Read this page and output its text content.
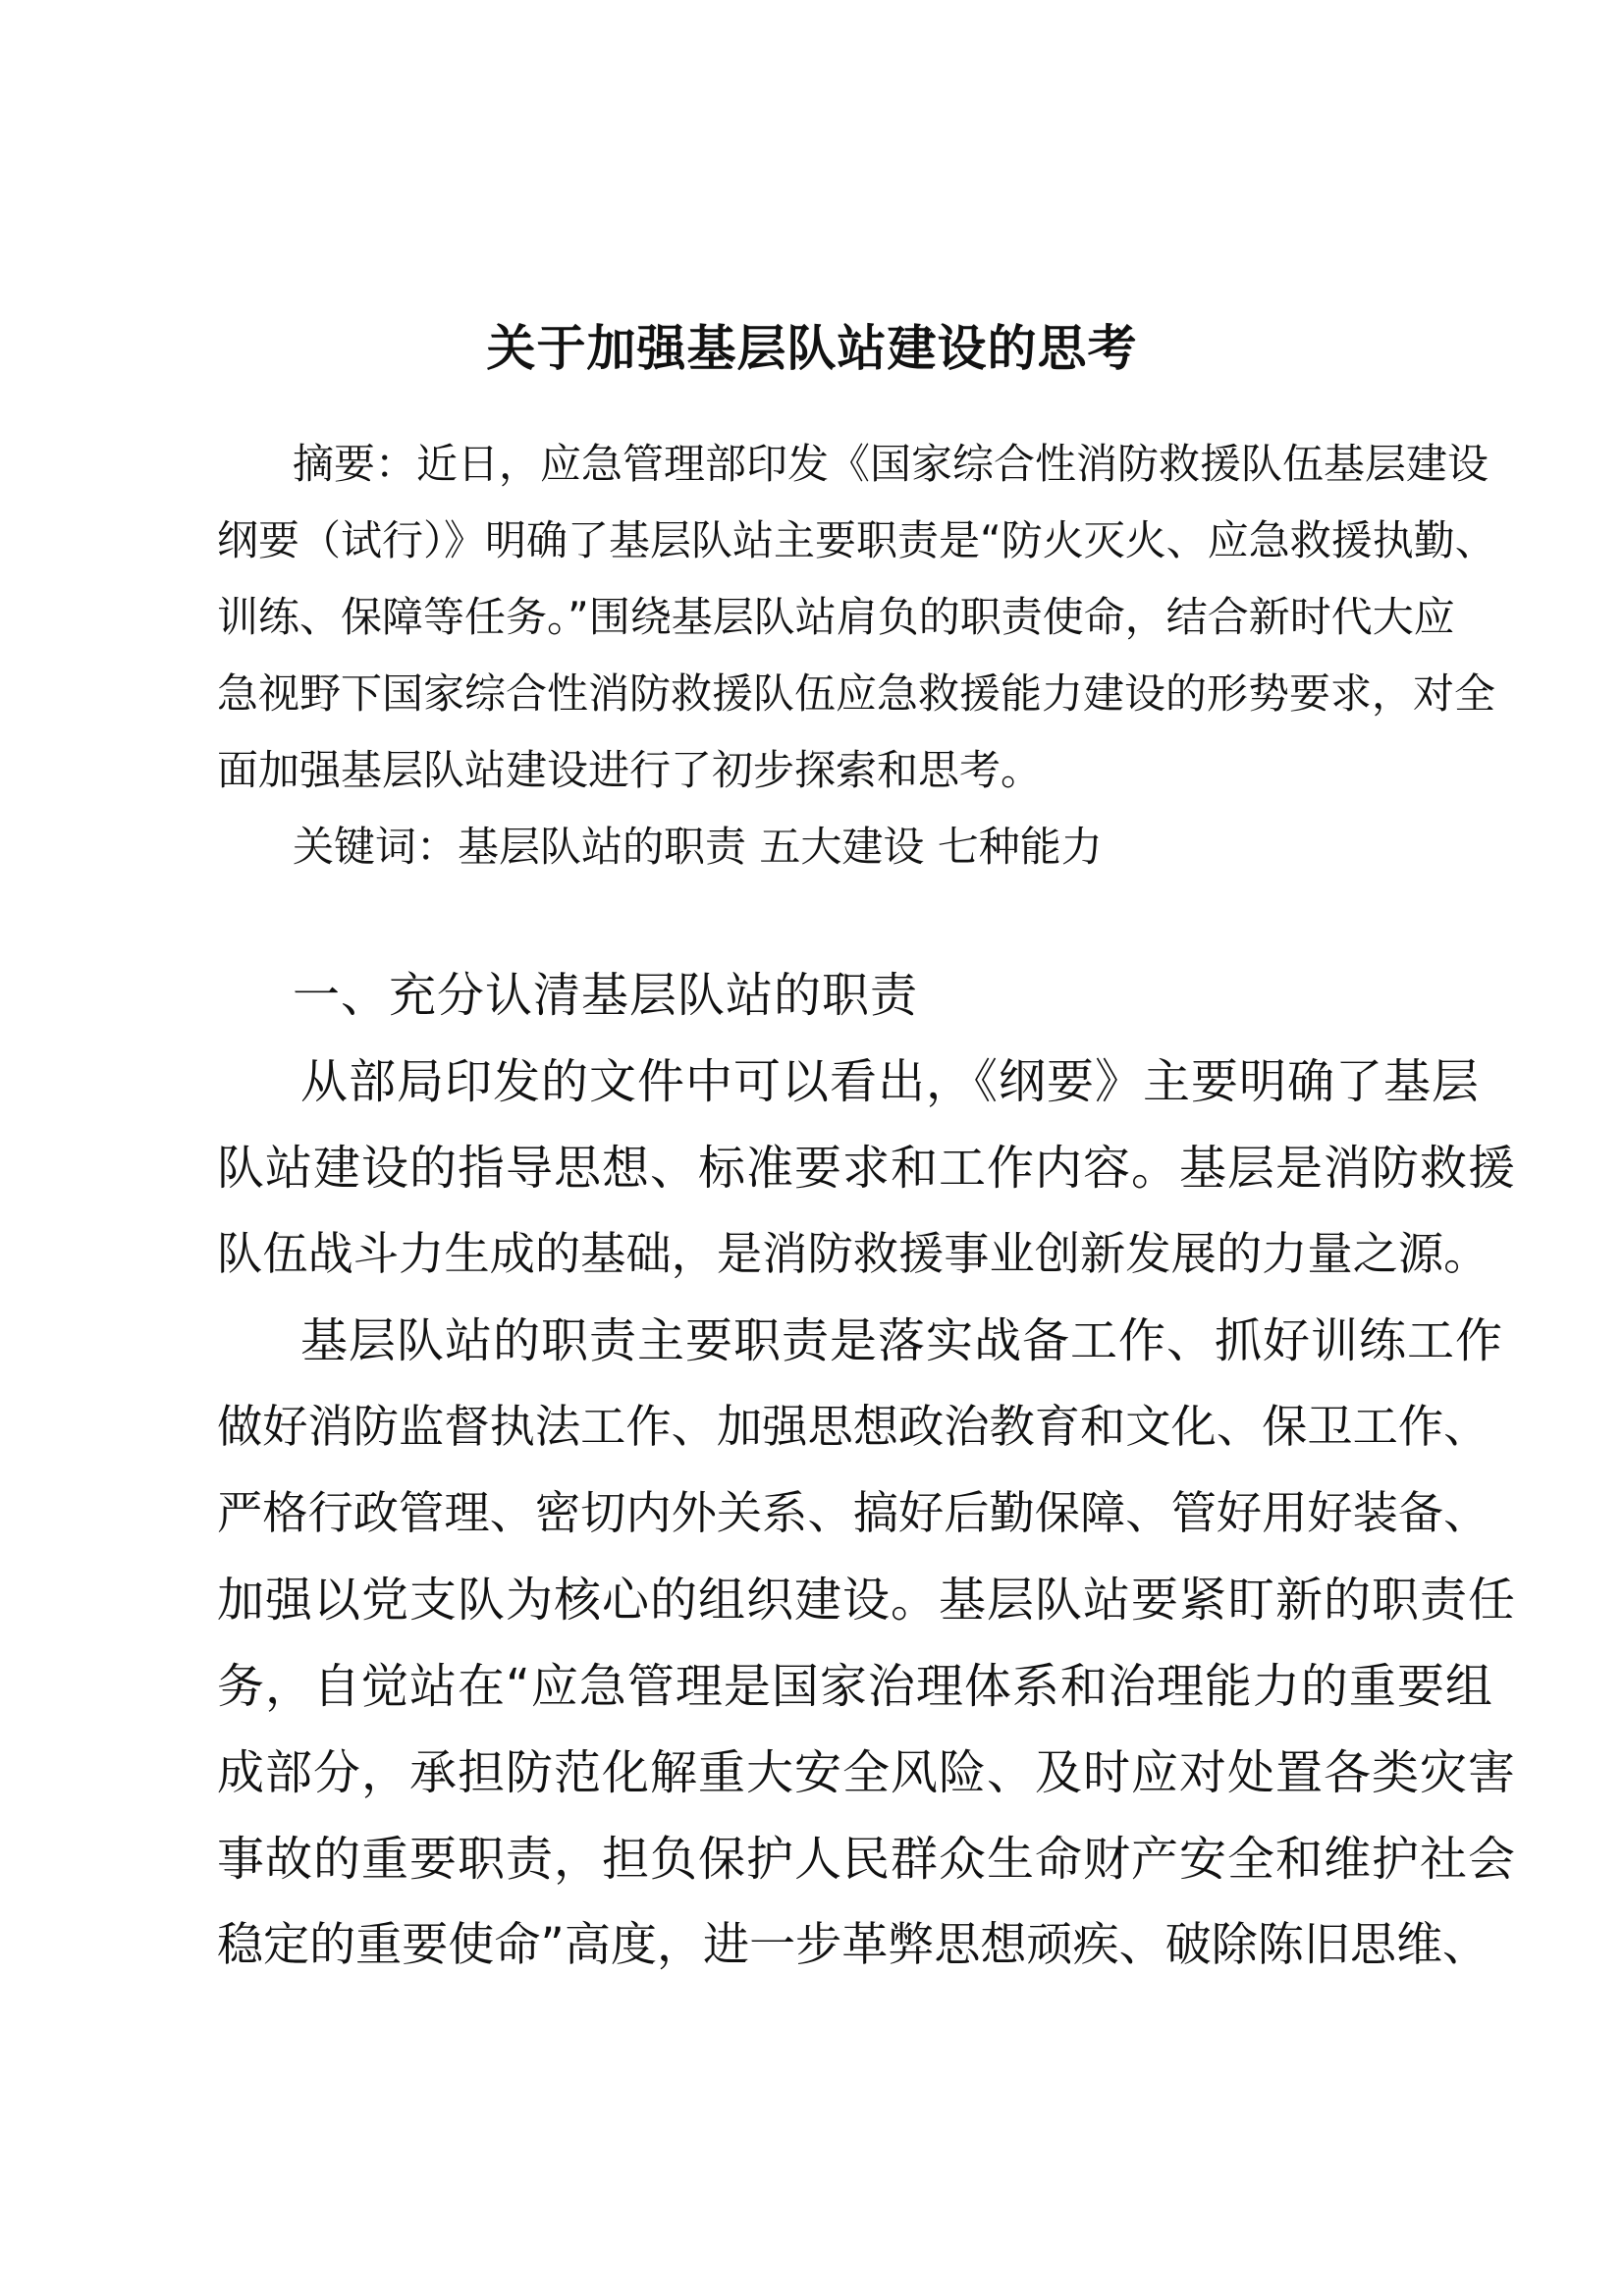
关于加强基层队站建设的思考

摘要：近日，应急管理部印发《国家综合性消防救援队伍基层建设

纲要（试行）》明确了基层队站主要职责是“防火灭火、应急救援执勤、

训练、保障等任务。”围绕基层队站肩负的职责使命，结合新时代大应

急视野下国家综合性消防救援队伍应急救援能力建设的形势要求，对全

面加强基层队站建设进行了初步探索和思考。

关键词：基层队站的职责 五大建设 七种能力

一、充分认清基层队站的职责

从部局印发的文件中可以看出，《纲要》主要明确了基层

队站建设的指导思想、标准要求和工作内容。基层是消防救援

队伍战斗力生成的基础，是消防救援事业创新发展的力量之源。

基层队站的职责主要职责是落实战备工作、抓好训练工作

做好消防监督执法工作、加强思想政治教育和文化、保卫工作、

严格行政管理、密切内外关系、搞好后勤保障、管好用好装备、

加强以党支队为核心的组织建设。基层队站要紧盯新的职责任

务，自觉站在“应急管理是国家治理体系和治理能力的重要组

成部分，承担防范化解重大安全风险、及时应对处置各类灾害

事故的重要职责，担负保护人民群众生命财产安全和维护社会

稳定的重要使命”高度，进一步革弊思想顽疾、破除陈旧思维、
